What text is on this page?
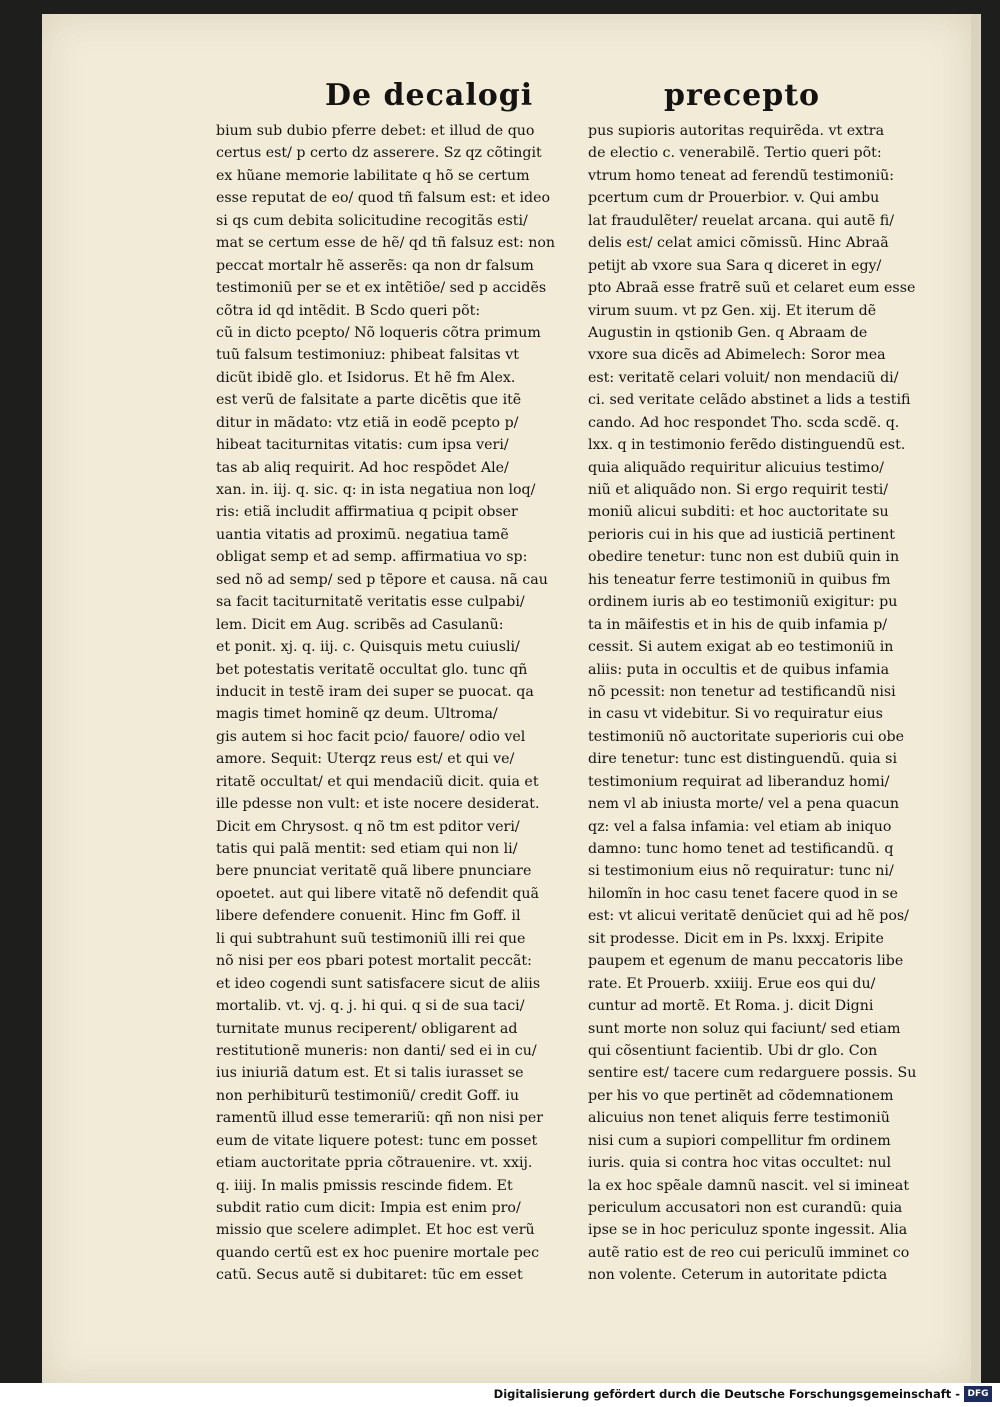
De decalogi	precepto
bium sub dubio pferre debet: et illud de quo
certus est/ p certo dz asserere. Sz qz cõtingit
ex hũane memorie labilitate q hõ se certum
esse reputat de eo/ quod tñ falsum est: et ideo
si qs cum debita solicitudine recogitãs esti/
mat se certum esse de hẽ/ qd tñ falsuz est: non
peccat mortalr hẽ asserẽs: qa non dr falsum
testimoniũ per se et ex intẽtiõe/ sed p accidẽs
cõtra id qd intẽdit. B Scdo queri põt:
cũ in dicto pcepto/ Nõ loqueris cõtra primum
tuũ falsum testimoniuz: phibeat falsitas vt
dicũt ibidẽ glo. et Isidorus. Et hẽ fm Alex.
est verũ de falsitate a parte dicẽtis que itẽ
ditur in mãdato: vtz etiã in eodẽ pcepto p/
hibeat taciturnitas vitatis: cum ipsa veri/
tas ab aliq requirit. Ad hoc respõdet Ale/
xan. in. iij. q. sic. q: in ista negatiua non loq/
ris: etiã includit affirmatiua q pcipit obser
uantia vitatis ad proximũ. negatiua tamẽ
obligat semp et ad semp. affirmatiua vo sp:
sed nõ ad semp/ sed p tẽpore et causa. nã cau
sa facit taciturnitatẽ veritatis esse culpabi/
lem. Dicit em Aug. scribẽs ad Casulanũ:
et ponit. xj. q. iij. c. Quisquis metu cuiusli/
bet potestatis veritatẽ occultat glo. tunc qñ
inducit in testẽ iram dei super se puocat. qa
magis timet hominẽ qz deum. Ultroma/
gis autem si hoc facit pcio/ fauore/ odio vel
amore. Sequit: Uterqz reus est/ et qui ve/
ritatẽ occultat/ et qui mendaciũ dicit. quia et
ille pdesse non vult: et iste nocere desiderat.
Dicit em Chrysost. q nõ tm est pditor veri/
tatis qui palã mentit: sed etiam qui non li/
bere pnunciat veritatẽ quã libere pnunciare
opoetet. aut qui libere vitatẽ nõ defendit quã
libere defendere conuenit. Hinc fm Goff. il
li qui subtrahunt suũ testimoniũ illi rei que
nõ nisi per eos pbari potest mortalit peccãt:
et ideo cogendi sunt satisfacere sicut de aliis
mortalib. vt. vj. q. j. hi qui. q si de sua taci/
turnitate munus reciperent/ obligarent ad
restitutionẽ muneris: non danti/ sed ei in cu/
ius iniuriã datum est. Et si talis iurasset se
non perhibiturũ testimoniũ/ credit Goff. iu
ramentũ illud esse temerariũ: qñ non nisi per
eum de vitate liquere potest: tunc em posset
etiam auctoritate ppria cõtrauenire. vt. xxij.
q. iiij. In malis pmissis rescinde fidem. Et
subdit ratio cum dicit: Impia est enim pro/
missio que scelere adimplet. Et hoc est verũ
quando certũ est ex hoc puenire mortale pec
catũ. Secus autẽ si dubitaret: tũc em esset
pus supioris autoritas requirẽda. vt extra
de electio c. venerabilẽ. Tertio queri põt:
vtrum homo teneat ad ferendũ testimoniũ:
pcertum cum dr Prouerbior. v. Qui ambu
lat fraudulẽter/ reuelat arcana. qui autẽ fi/
delis est/ celat amici cõmissũ. Hinc Abraã
petijt ab vxore sua Sara q diceret in egy/
pto Abraã esse fratrẽ suũ et celaret eum esse
virum suum. vt pz Gen. xij. Et iterum dẽ
Augustin in qstionib Gen. q Abraam de
vxore sua dicẽs ad Abimelech: Soror mea
est: veritatẽ celari voluit/ non mendaciũ di/
ci. sed veritate celãdo abstinet a lids a testifi
cando. Ad hoc respondet Tho. scda scdẽ. q.
lxx. q in testimonio ferẽdo distinguendũ est.
quia aliquãdo requiritur alicuius testimo/
niũ et aliquãdo non. Si ergo requirit testi/
moniũ alicui subditi: et hoc auctoritate su
perioris cui in his que ad iusticiã pertinent
obedire tenetur: tunc non est dubiũ quin in
his teneatur ferre testimoniũ in quibus fm
ordinem iuris ab eo testimoniũ exigitur: pu
ta in mãifestis et in his de quib infamia p/
cessit. Si autem exigat ab eo testimoniũ in
aliis: puta in occultis et de quibus infamia
nõ pcessit: non tenetur ad testificandũ nisi
in casu vt videbitur. Si vo requiratur eius
testimoniũ nõ auctoritate superioris cui obe
dire tenetur: tunc est distinguendũ. quia si
testimonium requirat ad liberanduz homi/
nem vl ab iniusta morte/ vel a pena quacun
qz: vel a falsa infamia: vel etiam ab iniquo
damno: tunc homo tenet ad testificandũ. q
si testimonium eius nõ requiratur: tunc ni/
hilomĩn in hoc casu tenet facere quod in se
est: vt alicui veritatẽ denũciet qui ad hẽ pos/
sit prodesse. Dicit em in Ps. lxxxj. Eripite
paupem et egenum de manu peccatoris libe
rate. Et Prouerb. xxiiij. Erue eos qui du/
cuntur ad mortẽ. Et Roma. j. dicit Digni
sunt morte non soluz qui faciunt/ sed etiam
qui cõsentiunt facientib. Ubi dr glo. Con
sentire est/ tacere cum redarguere possis. Su
per his vo que pertinẽt ad cõdemnationem
alicuius non tenet aliquis ferre testimoniũ
nisi cum a supiori compellitur fm ordinem
iuris. quia si contra hoc vitas occultet: nul
la ex hoc spẽale damnũ nascit. vel si imineat
periculum accusatori non est curandũ: quia
ipse se in hoc periculuz sponte ingessit. Alia
autẽ ratio est de reo cui periculũ imminet co
non volente. Ceterum in autoritate pdicta
Digitalisierung gefördert durch die Deutsche Forschungsgemeinschaft - DFG
